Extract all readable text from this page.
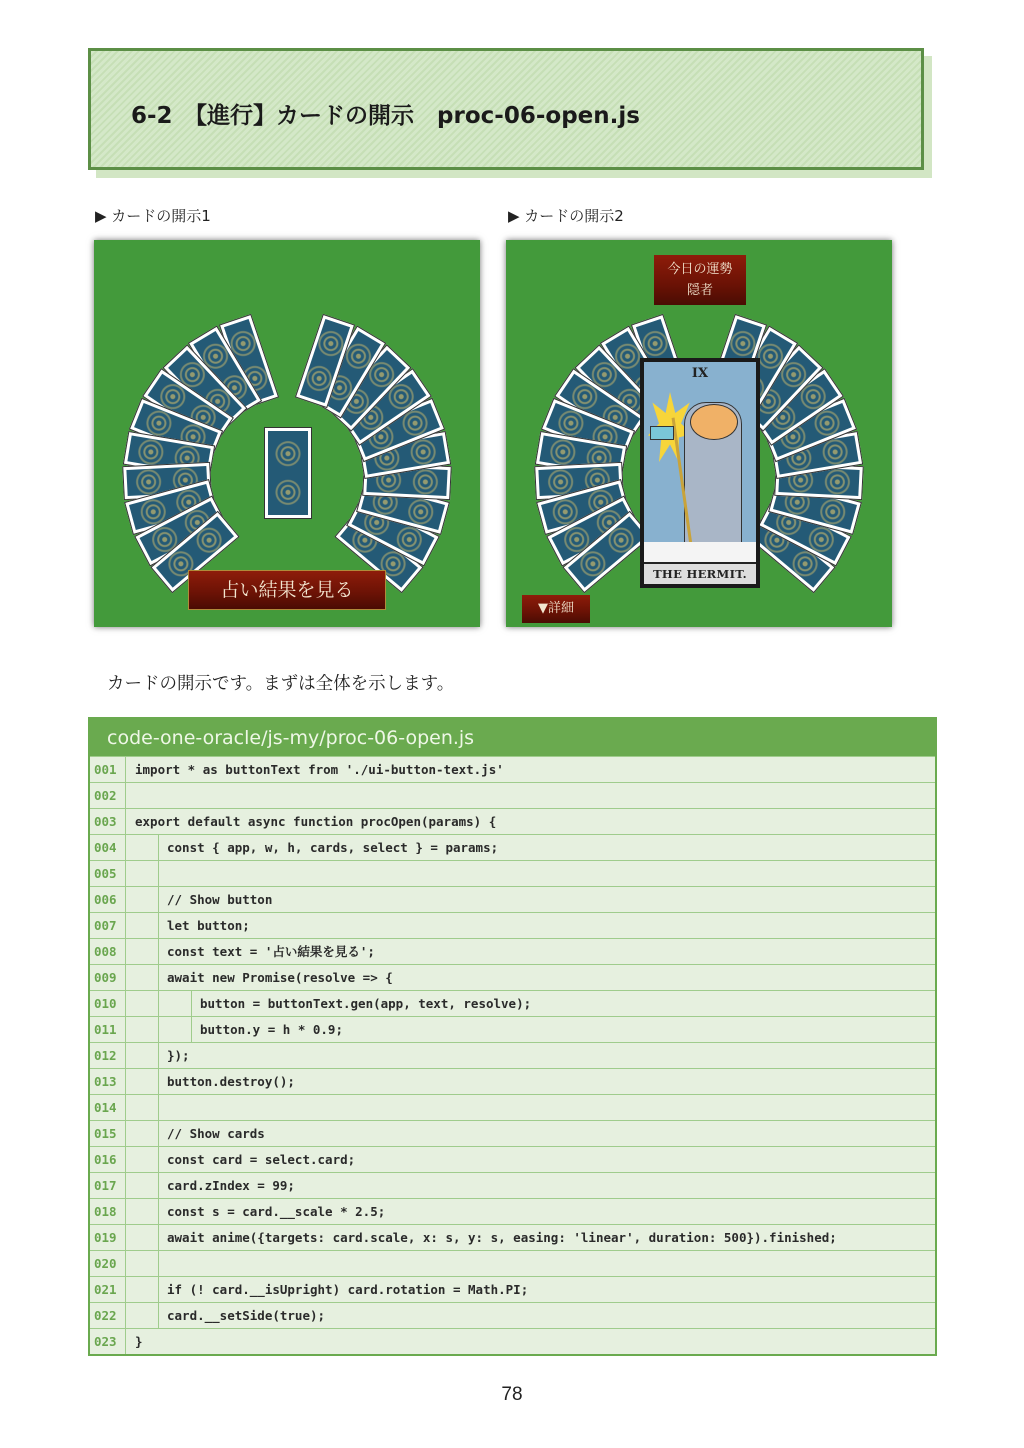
6-2　【進行】カードの開示　proc-06-open.js
▶ カードの開示1	▶ カードの開示2
占い結果を見る
今日の運勢
隠者
IX
THE HERMIT.
▼詳細
カードの開示です。まずは全体を示します。
code-one-oracle/js-my/proc-06-open.js
001	import * as buttonText from './ui-button-text.js'
002
003	export default async function procOpen(params) {
004	const { app, w, h, cards, select } = params;
005
006	// Show button
007	let button;
008	const text = '占い結果を見る';
009	await new Promise(resolve => {
010	button = buttonText.gen(app, text, resolve);
011	button.y = h * 0.9;
012	});
013	button.destroy();
014
015	// Show cards
016	const card = select.card;
017	card.zIndex = 99;
018	const s = card.__scale * 2.5;
019	await anime({targets: card.scale, x: s, y: s, easing: 'linear', duration: 500}).finished;
020
021	if (! card.__isUpright) card.rotation = Math.PI;
022	card.__setSide(true);
023	}
78
